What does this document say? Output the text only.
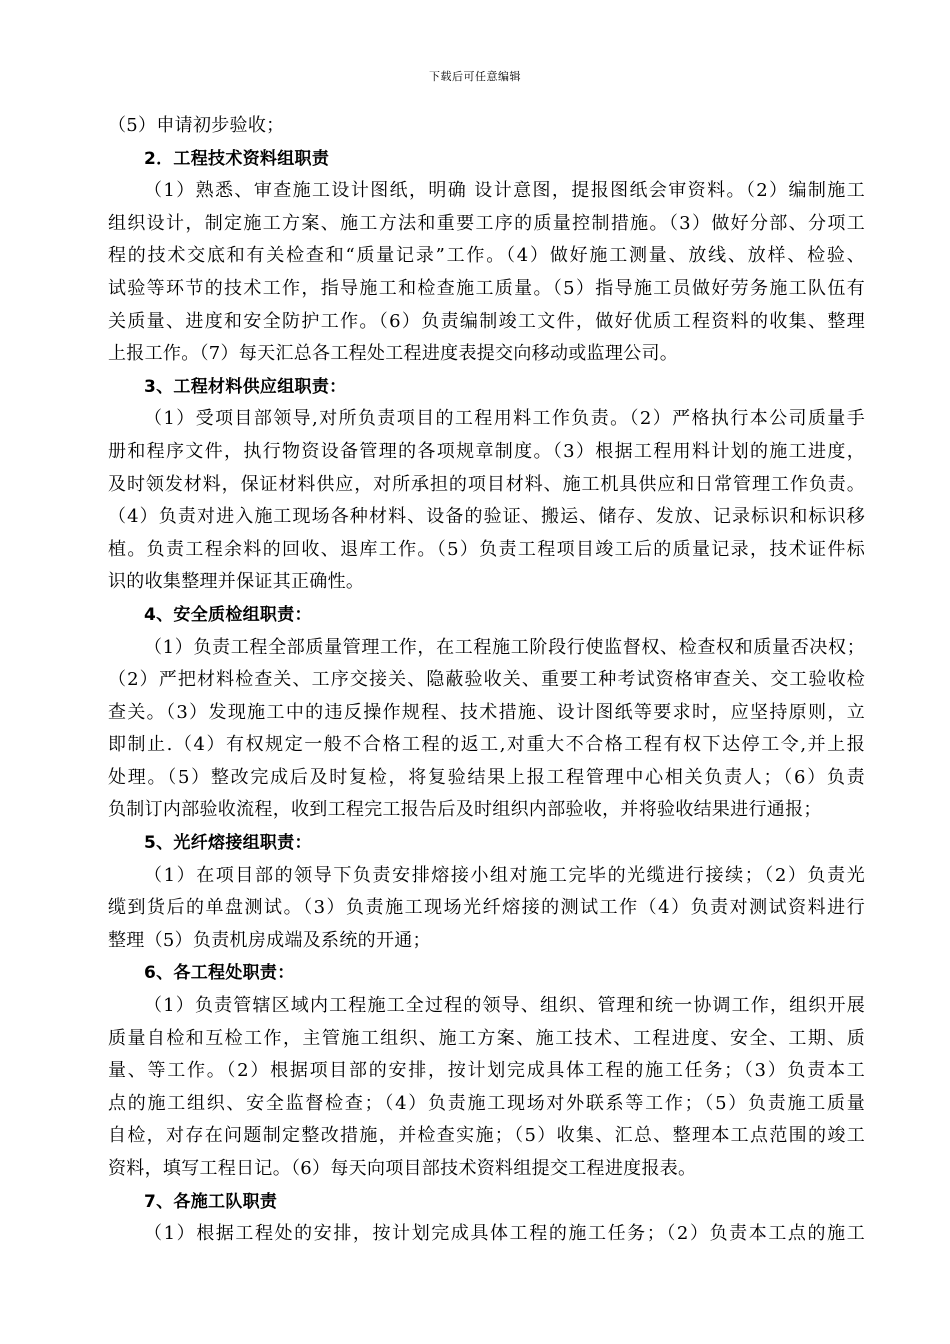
下载后可任意编辑
（5）申请初步验收；
2．工程技术资料组职责
（1）熟悉、审查施工设计图纸，明确 设计意图，提报图纸会审资料。（2）编制施工
组织设计，制定施工方案、施工方法和重要工序的质量控制措施。（3）做好分部、分项工
程的技术交底和有关检查和“质量记录”工作。（4）做好施工测量、放线、放样、检验、
试验等环节的技术工作，指导施工和检查施工质量。（5）指导施工员做好劳务施工队伍有
关质量、进度和安全防护工作。（6）负责编制竣工文件，做好优质工程资料的收集、整理
上报工作。（7）每天汇总各工程处工程进度表提交向移动或监理公司。
3、工程材料供应组职责：
（1）受项目部领导,对所负责项目的工程用料工作负责。（2）严格执行本公司质量手
册和程序文件，执行物资设备管理的各项规章制度。（3）根据工程用料计划的施工进度，
及时领发材料，保证材料供应，对所承担的项目材料、施工机具供应和日常管理工作负责。
（4）负责对进入施工现场各种材料、设备的验证、搬运、储存、发放、记录标识和标识移
植。负责工程余料的回收、退库工作。（5）负责工程项目竣工后的质量记录，技术证件标
识的收集整理并保证其正确性。
4、安全质检组职责：
（1）负责工程全部质量管理工作，在工程施工阶段行使监督权、检查权和质量否决权；
（2）严把材料检查关、工序交接关、隐蔽验收关、重要工种考试资格审查关、交工验收检
查关。（3）发现施工中的违反操作规程、技术措施、设计图纸等要求时，应坚持原则，立
即制止.（4）有权规定一般不合格工程的返工,对重大不合格工程有权下达停工令,并上报
处理。（5）整改完成后及时复检，将复验结果上报工程管理中心相关负责人；（6）负责
负制订内部验收流程，收到工程完工报告后及时组织内部验收，并将验收结果进行通报；
5、光纤熔接组职责：
（1）在项目部的领导下负责安排熔接小组对施工完毕的光缆进行接续；（2）负责光
缆到货后的单盘测试。（3）负责施工现场光纤熔接的测试工作（4）负责对测试资料进行
整理（5）负责机房成端及系统的开通；
6、各工程处职责：
（1）负责管辖区域内工程施工全过程的领导、组织、管理和统一协调工作，组织开展
质量自检和互检工作，主管施工组织、施工方案、施工技术、工程进度、安全、工期、质
量、等工作。（2）根据项目部的安排，按计划完成具体工程的施工任务；（3）负责本工
点的施工组织、安全监督检查；（4）负责施工现场对外联系等工作；（5）负责施工质量
自检，对存在问题制定整改措施，并检查实施；（5）收集、汇总、整理本工点范围的竣工
资料，填写工程日记。（6）每天向项目部技术资料组提交工程进度报表。
7、各施工队职责
（1）根据工程处的安排，按计划完成具体工程的施工任务；（2）负责本工点的施工
